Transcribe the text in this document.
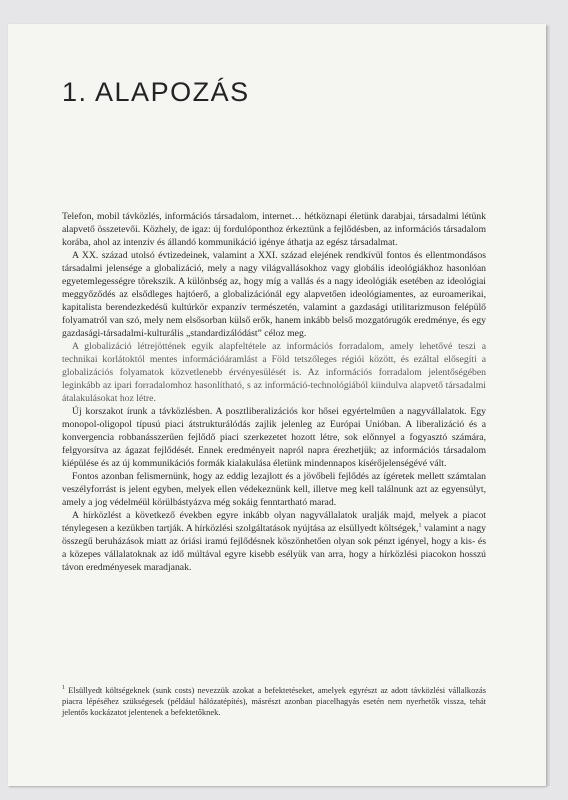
1. ALAPOZÁS

Telefon, mobil távközlés, információs társadalom, internet… hétköznapi életünk darabjai, társadalmi létünk alapvető összetevői. Közhely, de igaz: új fordulóponthoz érkeztünk a fejlődésben, az információs társadalom korába, ahol az intenzív és állandó kommunikáció igénye áthatja az egész társadalmat.

A XX. század utolsó évtizedeinek, valamint a XXI. század elejének rendkívül fontos és ellentmondásos társadalmi jelensége a globalizáció, mely a nagy világvallásokhoz vagy globális ideológiákhoz hasonlóan egyetemlegességre törekszik. A különbség az, hogy míg a vallás és a nagy ideológiák esetében az ideológiai meggyőződés az elsődleges hajtóerő, a globalizációnál egy alapvetően ideológiamentes, az euroamerikai, kapitalista berendezkedésű kultúrkör expanzív természetén, valamint a gazdasági utilitarizmuson felépülő folyamatról van szó, mely nem elsősorban külső erők, hanem inkább belső mozgatórugók eredménye, és egy gazdasági-társadalmi-kulturális „standardizálódást” céloz meg.

A globalizáció létrejöttének egyik alapfeltétele az információs forradalom, amely lehetővé teszi a technikai korlátoktól mentes információáramlást a Föld tetszőleges régiói között, és ezáltal elősegíti a globalizációs folyamatok közvetlenebb érvényesülését is. Az információs forradalom jelentőségében leginkább az ipari forradalomhoz hasonlítható, s az információ-technológiából kiindulva alapvető társadalmi átalakulásokat hoz létre.

Új korszakot írunk a távközlésben. A posztliberalizációs kor hősei egyértelműen a nagyvállalatok. Egy monopol-oligopol típusú piaci átstrukturálódás zajlik jelenleg az Európai Unióban. A liberalizáció és a konvergencia robbanásszerűen fejlődő piaci szerkezetet hozott létre, sok előnnyel a fogyasztó számára, felgyorsítva az ágazat fejlődését. Ennek eredményeit napról napra érezhetjük; az információs társadalom kiépülése és az új kommunikációs formák kialakulása életünk mindennapos kísérőjelenségévé vált.

Fontos azonban felismernünk, hogy az eddig lezajlott és a jövőbeli fejlődés az ígéretek mellett számtalan veszélyforrást is jelent egyben, melyek ellen védekeznünk kell, illetve meg kell találnunk azt az egyensúlyt, amely a jog védelméül körülbástyázva még sokáig fenntartható marad.

A hírközlést a következő években egyre inkább olyan nagyvállalatok uralják majd, melyek a piacot ténylegesen a kezükben tartják. A hírközlési szolgáltatások nyújtása az elsüllyedt költségek,$^1$ valamint a nagy összegű beruházások miatt az óriási iramú fejlődésnek köszönhetően olyan sok pénzt igényel, hogy a kis- és a közepes vállalatoknak az idő múltával egyre kisebb esélyük van arra, hogy a hírközlési piacokon hosszú távon eredményesek maradjanak.

$^1$ Elsüllyedt költségeknek (sunk costs) nevezzük azokat a befektetéseket, amelyek egyrészt az adott távközlési vállalkozás piacra lépéséhez szükségesek (például hálózatépítés), másrészt azonban piacelhagyás esetén nem nyerhetők vissza, tehát jelentős kockázatot jelentenek a befektetőknek.
